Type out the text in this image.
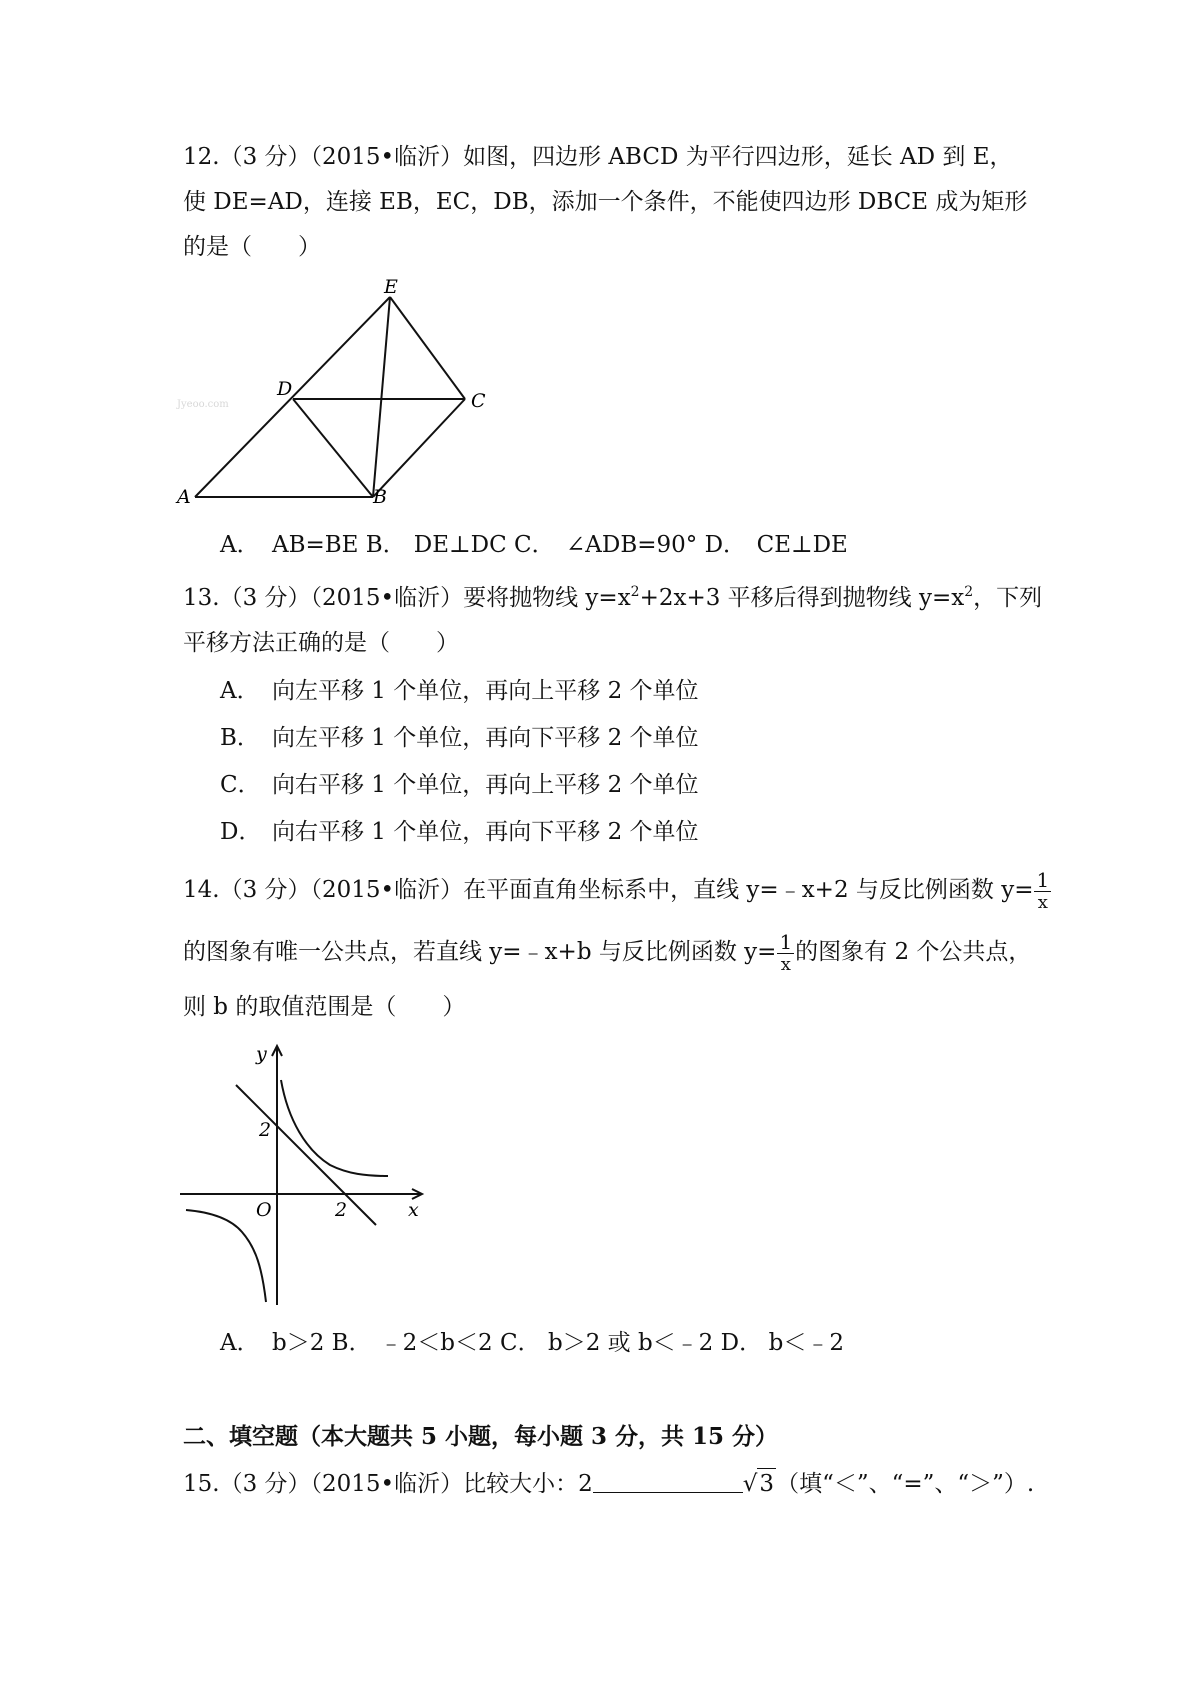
12.（3 分）（2015•临沂）如图，四边形 ABCD 为平行四边形，延长 AD 到 E，
使 DE=AD，连接 EB，EC，DB，添加一个条件，不能使四边形 DBCE 成为矩形
的是（　　）
Jyeoo.com
E
D
C
A	B
A． AB=BE B． DE⊥DC C． ∠ADB=90° D． CE⊥DE
13.（3 分）（2015•临沂）要将抛物线 $y=x^2+2x+3$ 平移后得到抛物线 $y=x^2$，下列
平移方法正确的是（　　）
A． 向左平移 1 个单位，再向上平移 2 个单位
B． 向左平移 1 个单位，再向下平移 2 个单位
C． 向右平移 1 个单位，再向上平移 2 个单位
D． 向右平移 1 个单位，再向下平移 2 个单位
14.（3 分）（2015•临沂）在平面直角坐标系中，直线 y=﹣x+2 与反比例函数 $y= \frac{1}{x}$
的图象有唯一公共点，若直线 y=﹣x+b 与反比例函数 $y= \frac{1}{x}$ 的图象有 2 个公共点，
则 b 的取值范围是（　　）
y
x
O
2
2
A． b＞2 B． ﹣2＜b＜2 C． b＞2 或 b＜﹣2 D． b＜﹣2
二、填空题（本大题共 5 小题，每小题 3 分，共 15 分）
15.（3 分）（2015•临沂）比较大小：2	√3（填“＜”、“=”、“＞”）.
